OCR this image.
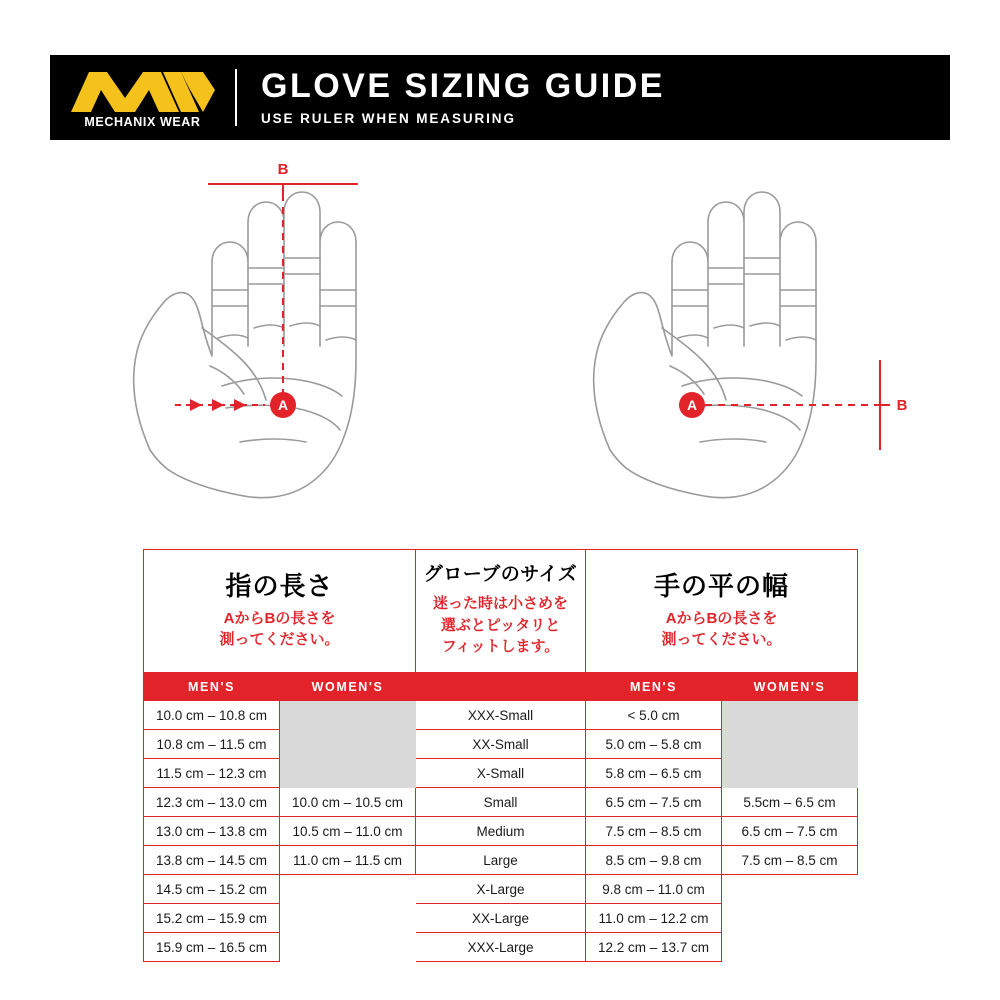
MECHANIX WEAR
GLOVE SIZING GUIDE
USE RULER WHEN MEASURING
A
B
A	B
指の長さ
AからBの長さを
測ってください。

グローブのサイズ
迷った時は小さめを
選ぶとピッタリと
フィットします。

手の平の幅
AからBの長さを
測ってください。

MEN'S	WOMEN'S		MEN'S	WOMEN'S
10.0 cm – 10.8 cm		XXX-Small	< 5.0 cm	
10.8 cm – 11.5 cm		XX-Small	5.0 cm – 5.8 cm	
11.5 cm – 12.3 cm		X-Small	5.8 cm – 6.5 cm	
12.3 cm – 13.0 cm	10.0 cm – 10.5 cm	Small	6.5 cm – 7.5 cm	5.5cm – 6.5 cm
13.0 cm – 13.8 cm	10.5 cm – 11.0 cm	Medium	7.5 cm – 8.5 cm	6.5 cm – 7.5 cm
13.8 cm – 14.5 cm	11.0 cm – 11.5 cm	Large	8.5 cm – 9.8 cm	7.5 cm – 8.5 cm
14.5 cm – 15.2 cm		X-Large	9.8 cm – 11.0 cm	
15.2 cm – 15.9 cm		XX-Large	11.0 cm – 12.2 cm	
15.9 cm – 16.5 cm		XXX-Large	12.2 cm – 13.7 cm	
